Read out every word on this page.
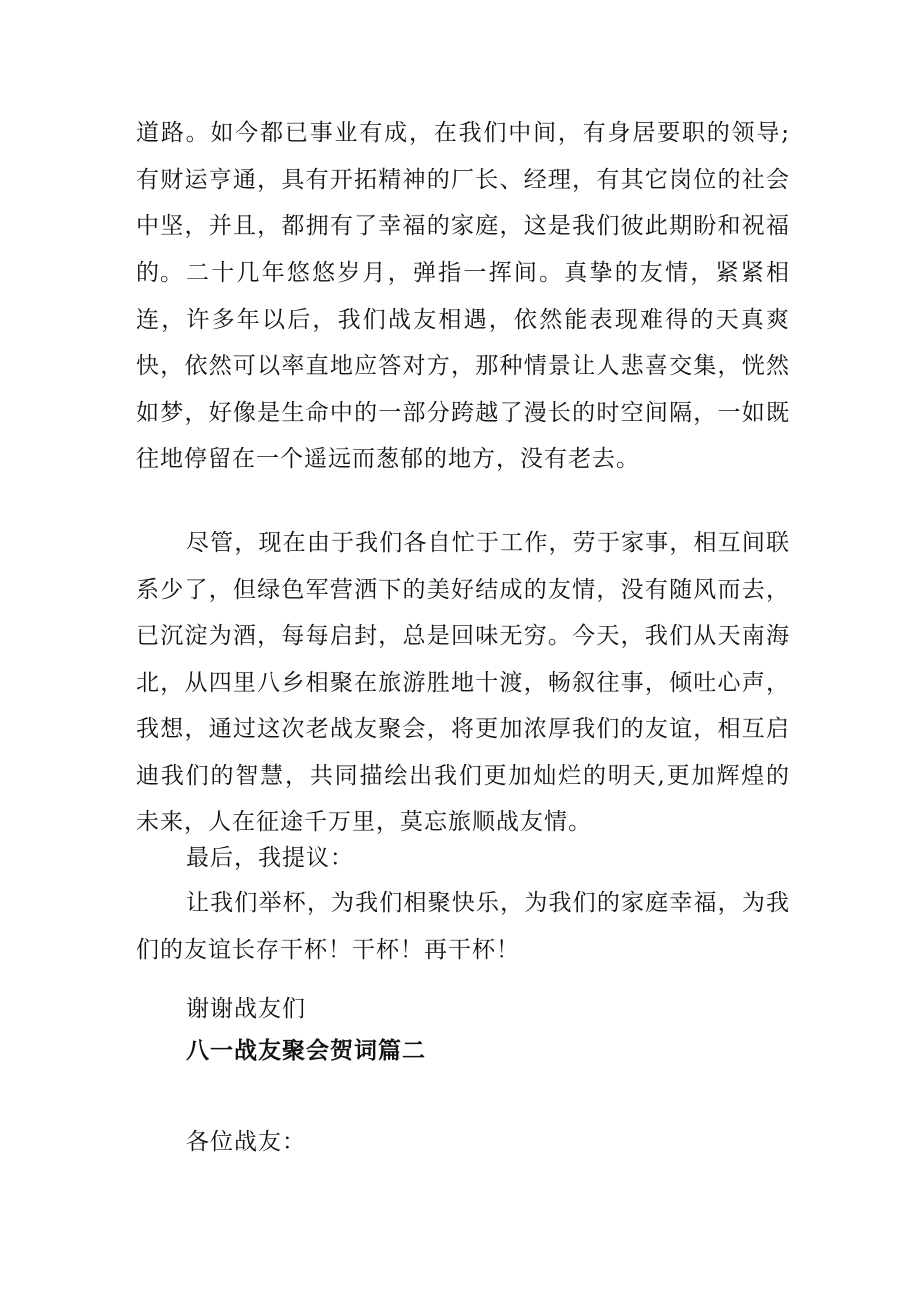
道路。如今都已事业有成，在我们中间，有身居要职的领导;有财运亨通，具有开拓精神的厂长、经理，有其它岗位的社会中坚，并且，都拥有了幸福的家庭，这是我们彼此期盼和祝福的。 二十几年悠悠岁月，弹指一挥间。真挚的友情，紧紧相连，许多年以后，我们战友相遇，依然能表现难得的天真爽快，依然可以率直地应答对方，那种情景让人悲喜交集，恍然如梦，好像是生命中的一部分跨越了漫长的时空间隔，一如既往地停留在一个遥远而葱郁的地方，没有老去。

尽管，现在由于我们各自忙于工作，劳于家事，相互间联系少了，但绿色军营洒下的美好结成的友情，没有随风而去，已沉淀为酒，每每启封，总是回味无穷。今天，我们从天南海北，从四里八乡相聚在旅游胜地十渡，畅叙往事，倾吐心声，我想，通过这次老战友聚会，将更加浓厚我们的友谊，相互启迪我们的智慧，共同描绘出我们更加灿烂的明天,更加辉煌的未来，人在征途千万里，莫忘旅顺战友情。

最后，我提议：

让我们举杯，为我们相聚快乐，为我们的家庭幸福，为我们的友谊长存干杯！干杯！再干杯！

谢谢战友们

八一战友聚会贺词篇二

各位战友：
